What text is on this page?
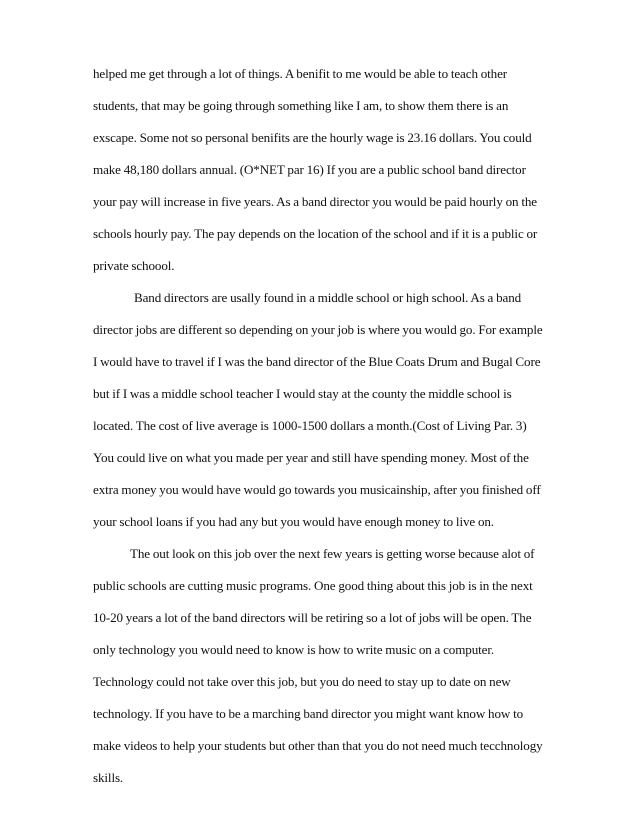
helped me get through a lot of things. A benifit to me would be able to teach other
students, that may be going through something like I am, to show them there is an
exscape. Some not so personal benifits are the hourly wage is 23.16 dollars. You could
make 48,180 dollars annual. (O*NET par 16) If you are a public school band director
your pay will increase in five years. As a band director you would be paid hourly on the
schools hourly pay. The pay depends on the location of the school and if it is a public or
private schoool.
Band directors are usally found in a middle school or high school. As a band
director jobs are different so depending on your job is where you would go. For example
I would have to travel if I was the band director of the Blue Coats Drum and Bugal Core
but if I was a middle school teacher I would stay at the county the middle school is
located. The cost of live average is 1000-1500 dollars a month.(Cost of Living Par. 3)
You could live on what you made per year and still have spending money. Most of the
extra money you would have would go towards you musicainship, after you finished off
your school loans if you had any but you would have enough money to live on.
The out look on this job over the next few years is getting worse because alot of
public schools are cutting music programs. One good thing about this job is in the next
10-20 years a lot of the band directors will be retiring so a lot of jobs will be open. The
only technology you would need to know is how to write music on a computer.
Technology could not take over this job, but you do need to stay up to date on new
technology. If you have to be a marching band director you might want know how to
make videos to help your students but other than that you do not need much tecchnology
skills.
